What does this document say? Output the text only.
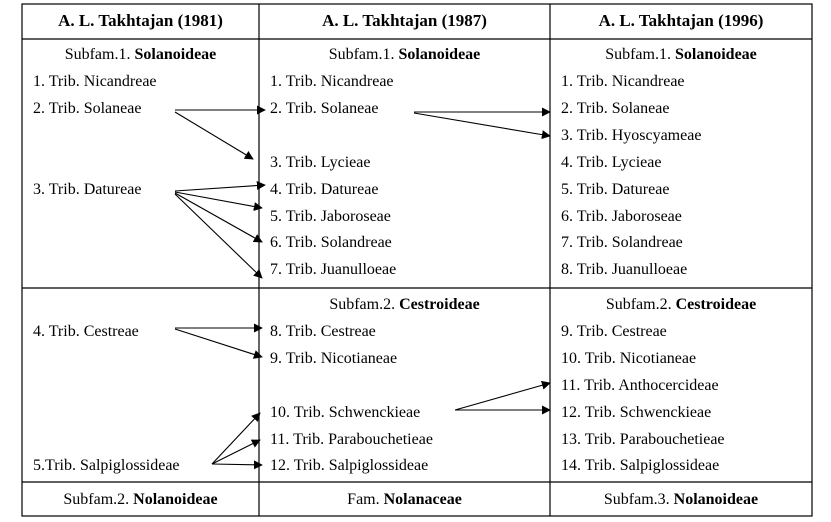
A. L. Takhtajan (1981)	A. L. Takhtajan (1987)	A. L. Takhtajan (1996)
Subfam.1. Solanoideae
1. Trib. Nicandreae
2. Trib. Solaneae
3. Trib. Datureae
4. Trib. Cestreae
5.Trib. Salpiglossideae
Subfam.2. Nolanoideae
Subfam.1. Solanoideae
1. Trib. Nicandreae
2. Trib. Solaneae
3. Trib. Lycieae
4. Trib. Datureae
5. Trib. Jaboroseae
6. Trib. Solandreae
7. Trib. Juanulloeae
Subfam.2. Cestroideae
8. Trib. Cestreae
9. Trib. Nicotianeae
10. Trib. Schwenckieae
11. Trib. Parabouchetieae
12. Trib. Salpiglossideae
Fam. Nolanaceae
Subfam.1. Solanoideae
1. Trib. Nicandreae
2. Trib. Solaneae
3. Trib. Hyoscyameae
4. Trib. Lycieae
5. Trib. Datureae
6. Trib. Jaboroseae
7. Trib. Solandreae
8. Trib. Juanulloeae
Subfam.2. Cestroideae
9. Trib. Cestreae
10. Trib. Nicotianeae
11. Trib. Anthocercideae
12. Trib. Schwenckieae
13. Trib. Parabouchetieae
14. Trib. Salpiglossideae
Subfam.3. Nolanoideae
